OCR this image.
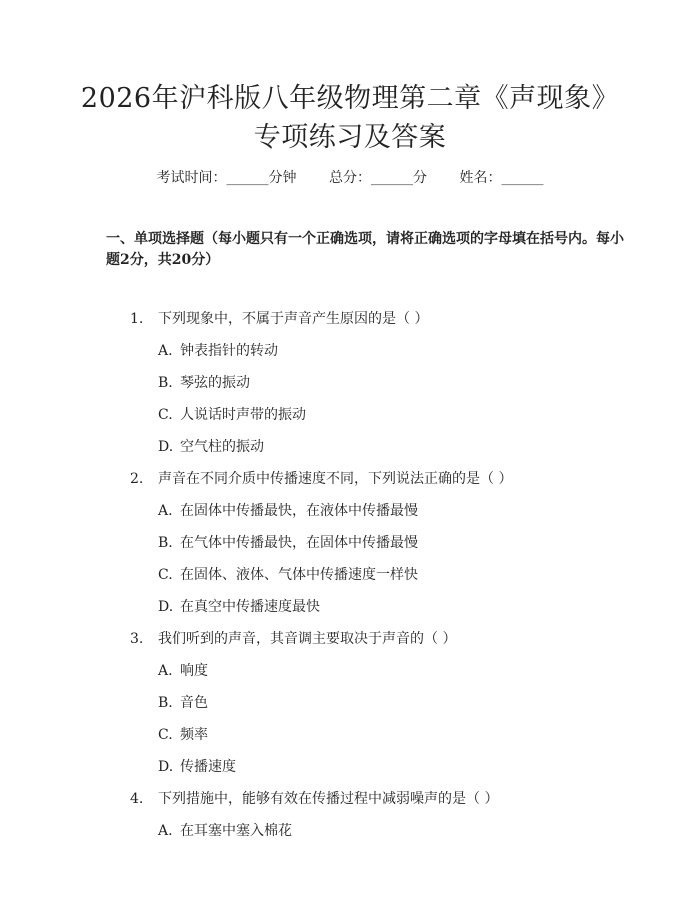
2026年沪科版八年级物理第二章《声现象》
专项练习及答案
考试时间：______分钟 总分：______分 姓名：______
一、单项选择题（每小题只有一个正确选项，请将正确选项的字母填在括号内。每小题2分，共20分）
1. 下列现象中，不属于声音产生原因的是（ ）
A. 钟表指针的转动
B. 琴弦的振动
C. 人说话时声带的振动
D. 空气柱的振动
2. 声音在不同介质中传播速度不同，下列说法正确的是（ ）
A. 在固体中传播最快，在液体中传播最慢
B. 在气体中传播最快，在固体中传播最慢
C. 在固体、液体、气体中传播速度一样快
D. 在真空中传播速度最快
3. 我们听到的声音，其音调主要取决于声音的（ ）
A. 响度
B. 音色
C. 频率
D. 传播速度
4. 下列措施中，能够有效在传播过程中减弱噪声的是（ ）
A. 在耳塞中塞入棉花
